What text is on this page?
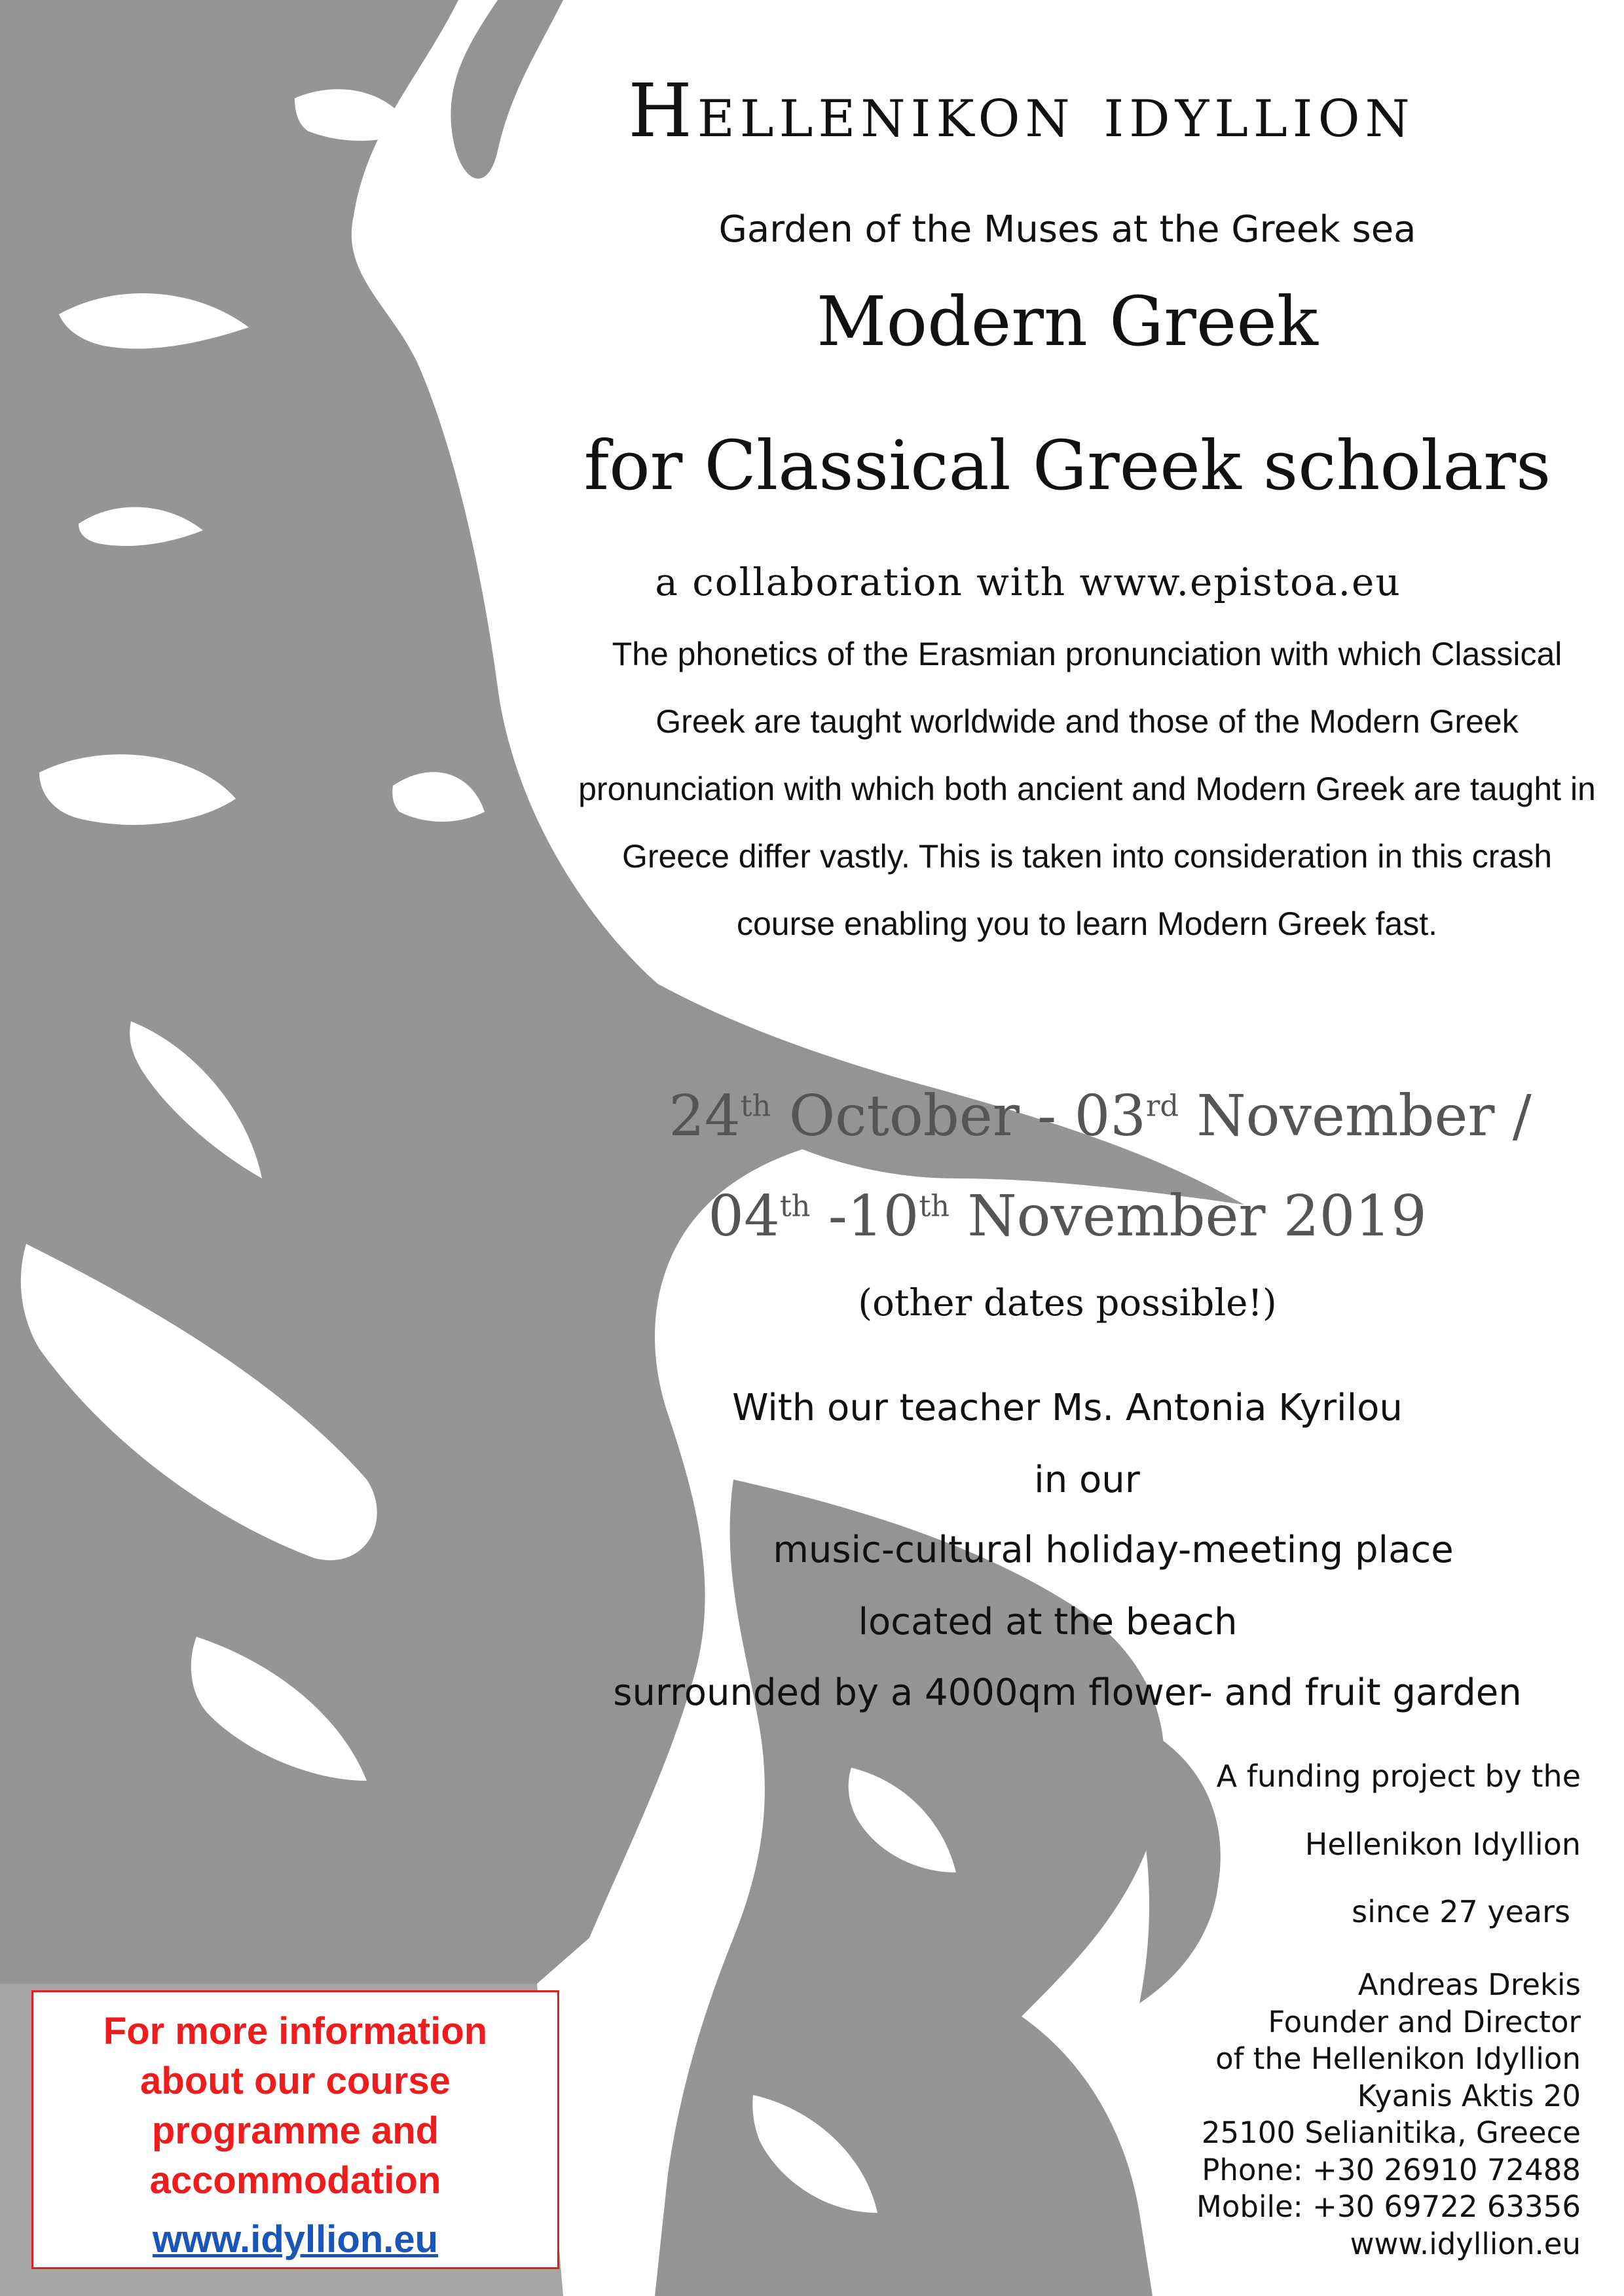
Hellenikon idyllion
Garden of the Muses at the Greek sea
Modern Greek
for Classical Greek scholars
a collaboration with www.epistoa.eu
The phonetics of the Erasmian pronunciation with which Classical Greek are taught worldwide and those of the Modern Greek pronunciation with which both ancient and Modern Greek are taught in Greece differ vastly. This is taken into consideration in this crash course enabling you to learn Modern Greek fast.
24th October - 03rd November /
04th -10th November 2019
(other dates possible!)
With our teacher Ms. Antonia Kyrilou
in our
music-cultural holiday-meeting place
located at the beach
surrounded by a 4000qm flower- and fruit garden
A funding project by the
Hellenikon Idyllion
since 27 years
Andreas Drekis
Founder and Director
of the Hellenikon Idyllion
Kyanis Aktis 20
25100 Selianitika, Greece
Phone: +30 26910 72488
Mobile: +30 69722 63356
www.idyllion.eu
For more information
about our course
programme and
accommodation
www.idyllion.eu
